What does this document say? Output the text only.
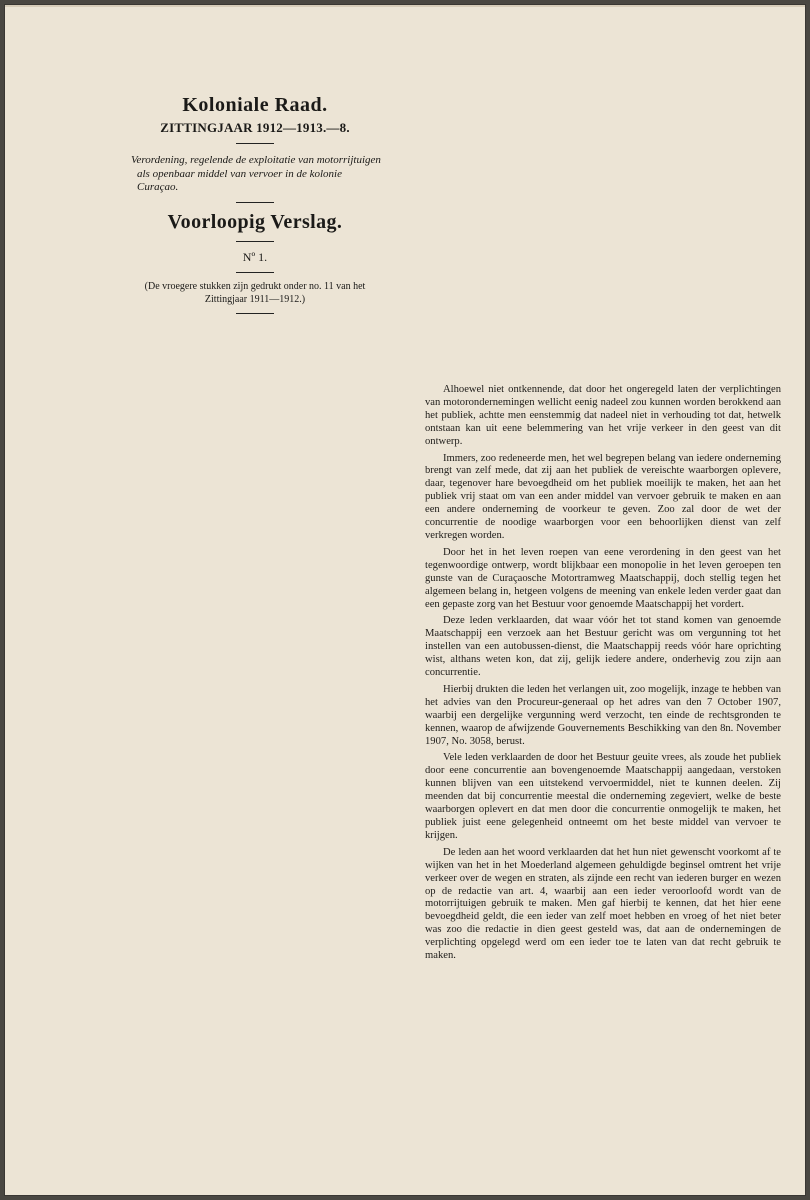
Koloniale Raad.
ZITTINGJAAR 1912—1913.—8.
Verordening, regelende de exploitatie van motorrijtuigen als openbaar middel van vervoer in de kolonie Curaçao.
Voorloopig Verslag.
Nº 1.
(De vroegere stukken zijn gedrukt onder no. 11 van het Zittingjaar 1911—1912.)

Alhoewel niet ontkennende, dat door het ongeregeld laten der verplichtingen van motorondernemingen wellicht eenig nadeel zou kunnen worden berokkend aan het publiek, achtte men eenstemmig dat nadeel niet in verhouding tot dat, hetwelk ontstaan kan uit eene belemmering van het vrije verkeer in den geest van dit ontwerp.

Immers, zoo redeneerde men, het wel begrepen belang van iedere onderneming brengt van zelf mede, dat zij aan het publiek de vereischte waarborgen oplevere, daar, tegenover hare bevoegdheid om het publiek moeilijk te maken, het aan het publiek vrij staat om van een ander middel van vervoer gebruik te maken en aan een andere onderneming de voorkeur te geven. Zoo zal door de wet der concurrentie de noodige waarborgen voor een behoorlijken dienst van zelf verkregen worden.

Door het in het leven roepen van eene verordening in den geest van het tegenwoordige ontwerp, wordt blijkbaar een monopolie in het leven geroepen ten gunste van de Curaçaosche Motortramweg Maatschappij, doch stellig tegen het algemeen belang in, hetgeen volgens de meening van enkele leden verder gaat dan een gepaste zorg van het Bestuur voor genoemde Maatschappij het vordert.

Deze leden verklaarden, dat waar vóór het tot stand komen van genoemde Maatschappij een verzoek aan het Bestuur gericht was om vergunning tot het instellen van een autobussen-dienst, die Maatschappij reeds vóór hare oprichting wist, althans weten kon, dat zij, gelijk iedere andere, onderhevig zou zijn aan concurrentie.

Hierbij drukten die leden het verlangen uit, zoo mogelijk, inzage te hebben van het advies van den Procureur-generaal op het adres van den 7 October 1907, waarbij een dergelijke vergunning werd verzocht, ten einde de rechtsgronden te kennen, waarop de afwijzende Gouvernements Beschikking van den 8n. November 1907, No. 3058, berust.

Vele leden verklaarden de door het Bestuur geuite vrees, als zoude het publiek door eene concurrentie aan bovengenoemde Maatschappij aangedaan, verstoken kunnen blijven van een uitstekend vervoermiddel, niet te kunnen deelen. Zij meenden dat bij concurrentie meestal die onderneming zegeviert, welke de beste waarborgen oplevert en dat men door die concurrentie onmogelijk te maken, het publiek juist eene gelegenheid ontneemt om het beste middel van vervoer te krijgen.

De leden aan het woord verklaarden dat het hun niet gewenscht voorkomt af te wijken van het in het Moederland algemeen gehuldigde beginsel omtrent het vrije verkeer over de wegen en straten, als zijnde een recht van iederen burger en wezen op de redactie van art. 4, waarbij aan een ieder veroorloofd wordt van de motorrijtuigen gebruik te maken. Men gaf hierbij te kennen, dat het hier eene bevoegdheid geldt, die een ieder van zelf moet hebben en vroeg of het niet beter was zoo die redactie in dien geest gesteld was, dat aan de ondernemingen de verplichting opgelegd werd om een ieder toe te laten van dat recht gebruik te maken.
